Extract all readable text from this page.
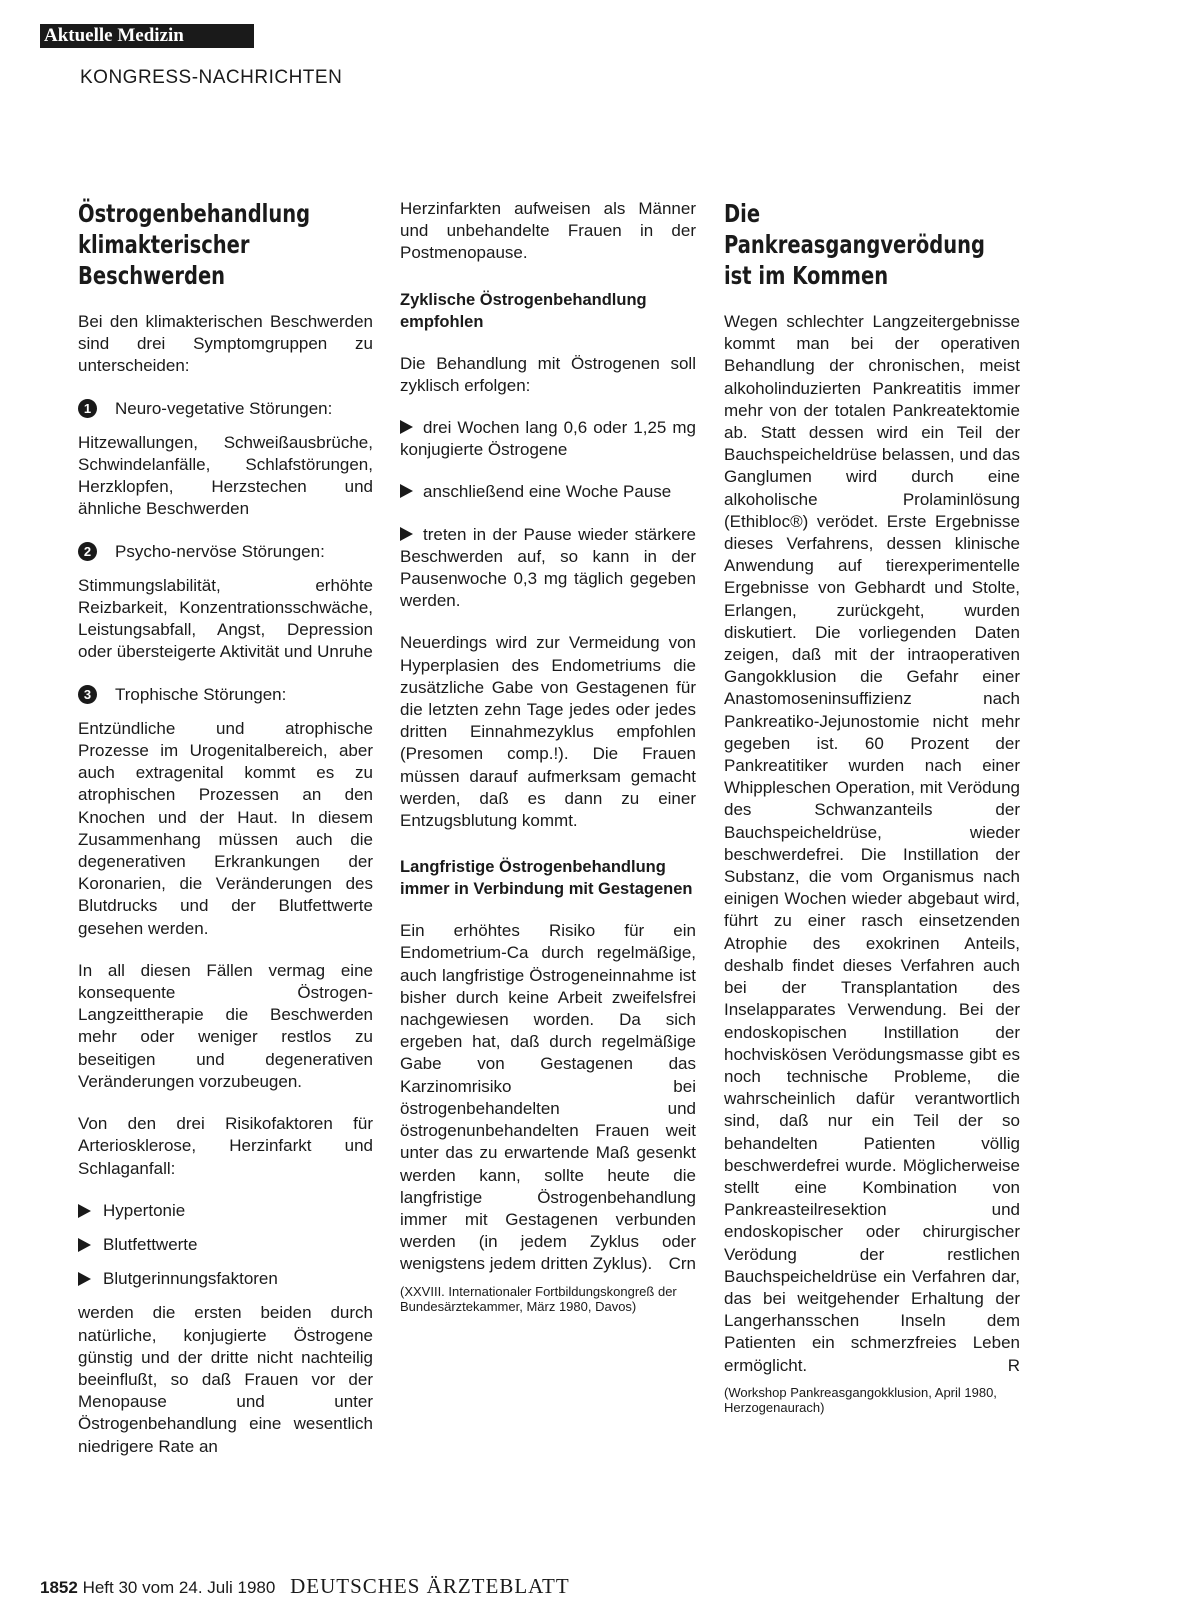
Aktuelle Medizin
KONGRESS-NACHRICHTEN
Östrogenbehandlung
klimakterischer
Beschwerden

Bei den klimakterischen Beschwerden sind drei Symptomgruppen zu unterscheiden:

1	Neuro-vegetative Störungen:

Hitzewallungen, Schweißausbrüche, Schwindelanfälle, Schlafstörungen, Herzklopfen, Herzstechen und ähnliche Beschwerden

2	Psycho-nervöse Störungen:

Stimmungslabilität, erhöhte Reizbarkeit, Konzentrationsschwäche, Leistungsabfall, Angst, Depression oder übersteigerte Aktivität und Unruhe

3	Trophische Störungen:

Entzündliche und atrophische Prozesse im Urogenitalbereich, aber auch extragenital kommt es zu atrophischen Prozessen an den Knochen und der Haut. In diesem Zusammenhang müssen auch die degenerativen Erkrankungen der Koronarien, die Veränderungen des Blutdrucks und der Blutfettwerte gesehen werden.

In all diesen Fällen vermag eine konsequente Östrogen-Langzeittherapie die Beschwerden mehr oder weniger restlos zu beseitigen und degenerativen Veränderungen vorzubeugen.

Von den drei Risikofaktoren für Arteriosklerose, Herzinfarkt und Schlaganfall:

Hypertonie
Blutfettwerte
Blutgerinnungsfaktoren

werden die ersten beiden durch natürliche, konjugierte Östrogene günstig und der dritte nicht nachteilig beeinflußt, so daß Frauen vor der Menopause und unter Östrogenbehandlung eine wesentlich niedrigere Rate an

Herzinfarkten aufweisen als Männer und unbehandelte Frauen in der Postmenopause.

Zyklische Östrogenbehandlung empfohlen

Die Behandlung mit Östrogenen soll zyklisch erfolgen:

drei Wochen lang 0,6 oder 1,25 mg konjugierte Östrogene

anschließend eine Woche Pause

treten in der Pause wieder stärkere Beschwerden auf, so kann in der Pausenwoche 0,3 mg täglich gegeben werden.

Neuerdings wird zur Vermeidung von Hyperplasien des Endometriums die zusätzliche Gabe von Gestagenen für die letzten zehn Tage jedes oder jedes dritten Einnahmezyklus empfohlen (Presomen comp.!). Die Frauen müssen darauf aufmerksam gemacht werden, daß es dann zu einer Entzugsblutung kommt.

Langfristige Östrogenbehandlung immer in Verbindung mit Gestagenen

Ein erhöhtes Risiko für ein Endometrium-Ca durch regelmäßige, auch langfristige Östrogeneinnahme ist bisher durch keine Arbeit zweifelsfrei nachgewiesen worden. Da sich ergeben hat, daß durch regelmäßige Gabe von Gestagenen das Karzinomrisiko bei östrogenbehandelten und östrogenunbehandelten Frauen weit unter das zu erwartende Maß gesenkt werden kann, sollte heute die langfristige Östrogenbehandlung immer mit Gestagenen verbunden werden (in jedem Zyklus oder wenigstens jedem dritten Zyklus). Crn

(XXVIII. Internationaler Fortbildungskongreß der Bundesärztekammer, März 1980, Davos)
Die
Pankreasgangverödung
ist im Kommen

Wegen schlechter Langzeitergebnisse kommt man bei der operativen Behandlung der chronischen, meist alkoholinduzierten Pankreatitis immer mehr von der totalen Pankreatektomie ab. Statt dessen wird ein Teil der Bauchspeicheldrüse belassen, und das Ganglumen wird durch eine alkoholische Prolaminlösung (Ethibloc®) verödet. Erste Ergebnisse dieses Verfahrens, dessen klinische Anwendung auf tierexperimentelle Ergebnisse von Gebhardt und Stolte, Erlangen, zurückgeht, wurden diskutiert. Die vorliegenden Daten zeigen, daß mit der intraoperativen Gangokklusion die Gefahr einer Anastomoseninsuffizienz nach Pankreatiko-Jejunostomie nicht mehr gegeben ist. 60 Prozent der Pankreatitiker wurden nach einer Whippleschen Operation, mit Verödung des Schwanzanteils der Bauchspeicheldrüse, wieder beschwerdefrei. Die Instillation der Substanz, die vom Organismus nach einigen Wochen wieder abgebaut wird, führt zu einer rasch einsetzenden Atrophie des exokrinen Anteils, deshalb findet dieses Verfahren auch bei der Transplantation des Inselapparates Verwendung. Bei der endoskopischen Instillation der hochviskösen Verödungsmasse gibt es noch technische Probleme, die wahrscheinlich dafür verantwortlich sind, daß nur ein Teil der so behandelten Patienten völlig beschwerdefrei wurde. Möglicherweise stellt eine Kombination von Pankreasteilresektion und endoskopischer oder chirurgischer Verödung der restlichen Bauchspeicheldrüse ein Verfahren dar, das bei weitgehender Erhaltung der Langerhansschen Inseln dem Patienten ein schmerzfreies Leben ermöglicht.	R

(Workshop Pankreasgangokklusion, April 1980, Herzogenaurach)
1852 Heft 30 vom 24. Juli 1980 DEUTSCHES ÄRZTEBLATT
